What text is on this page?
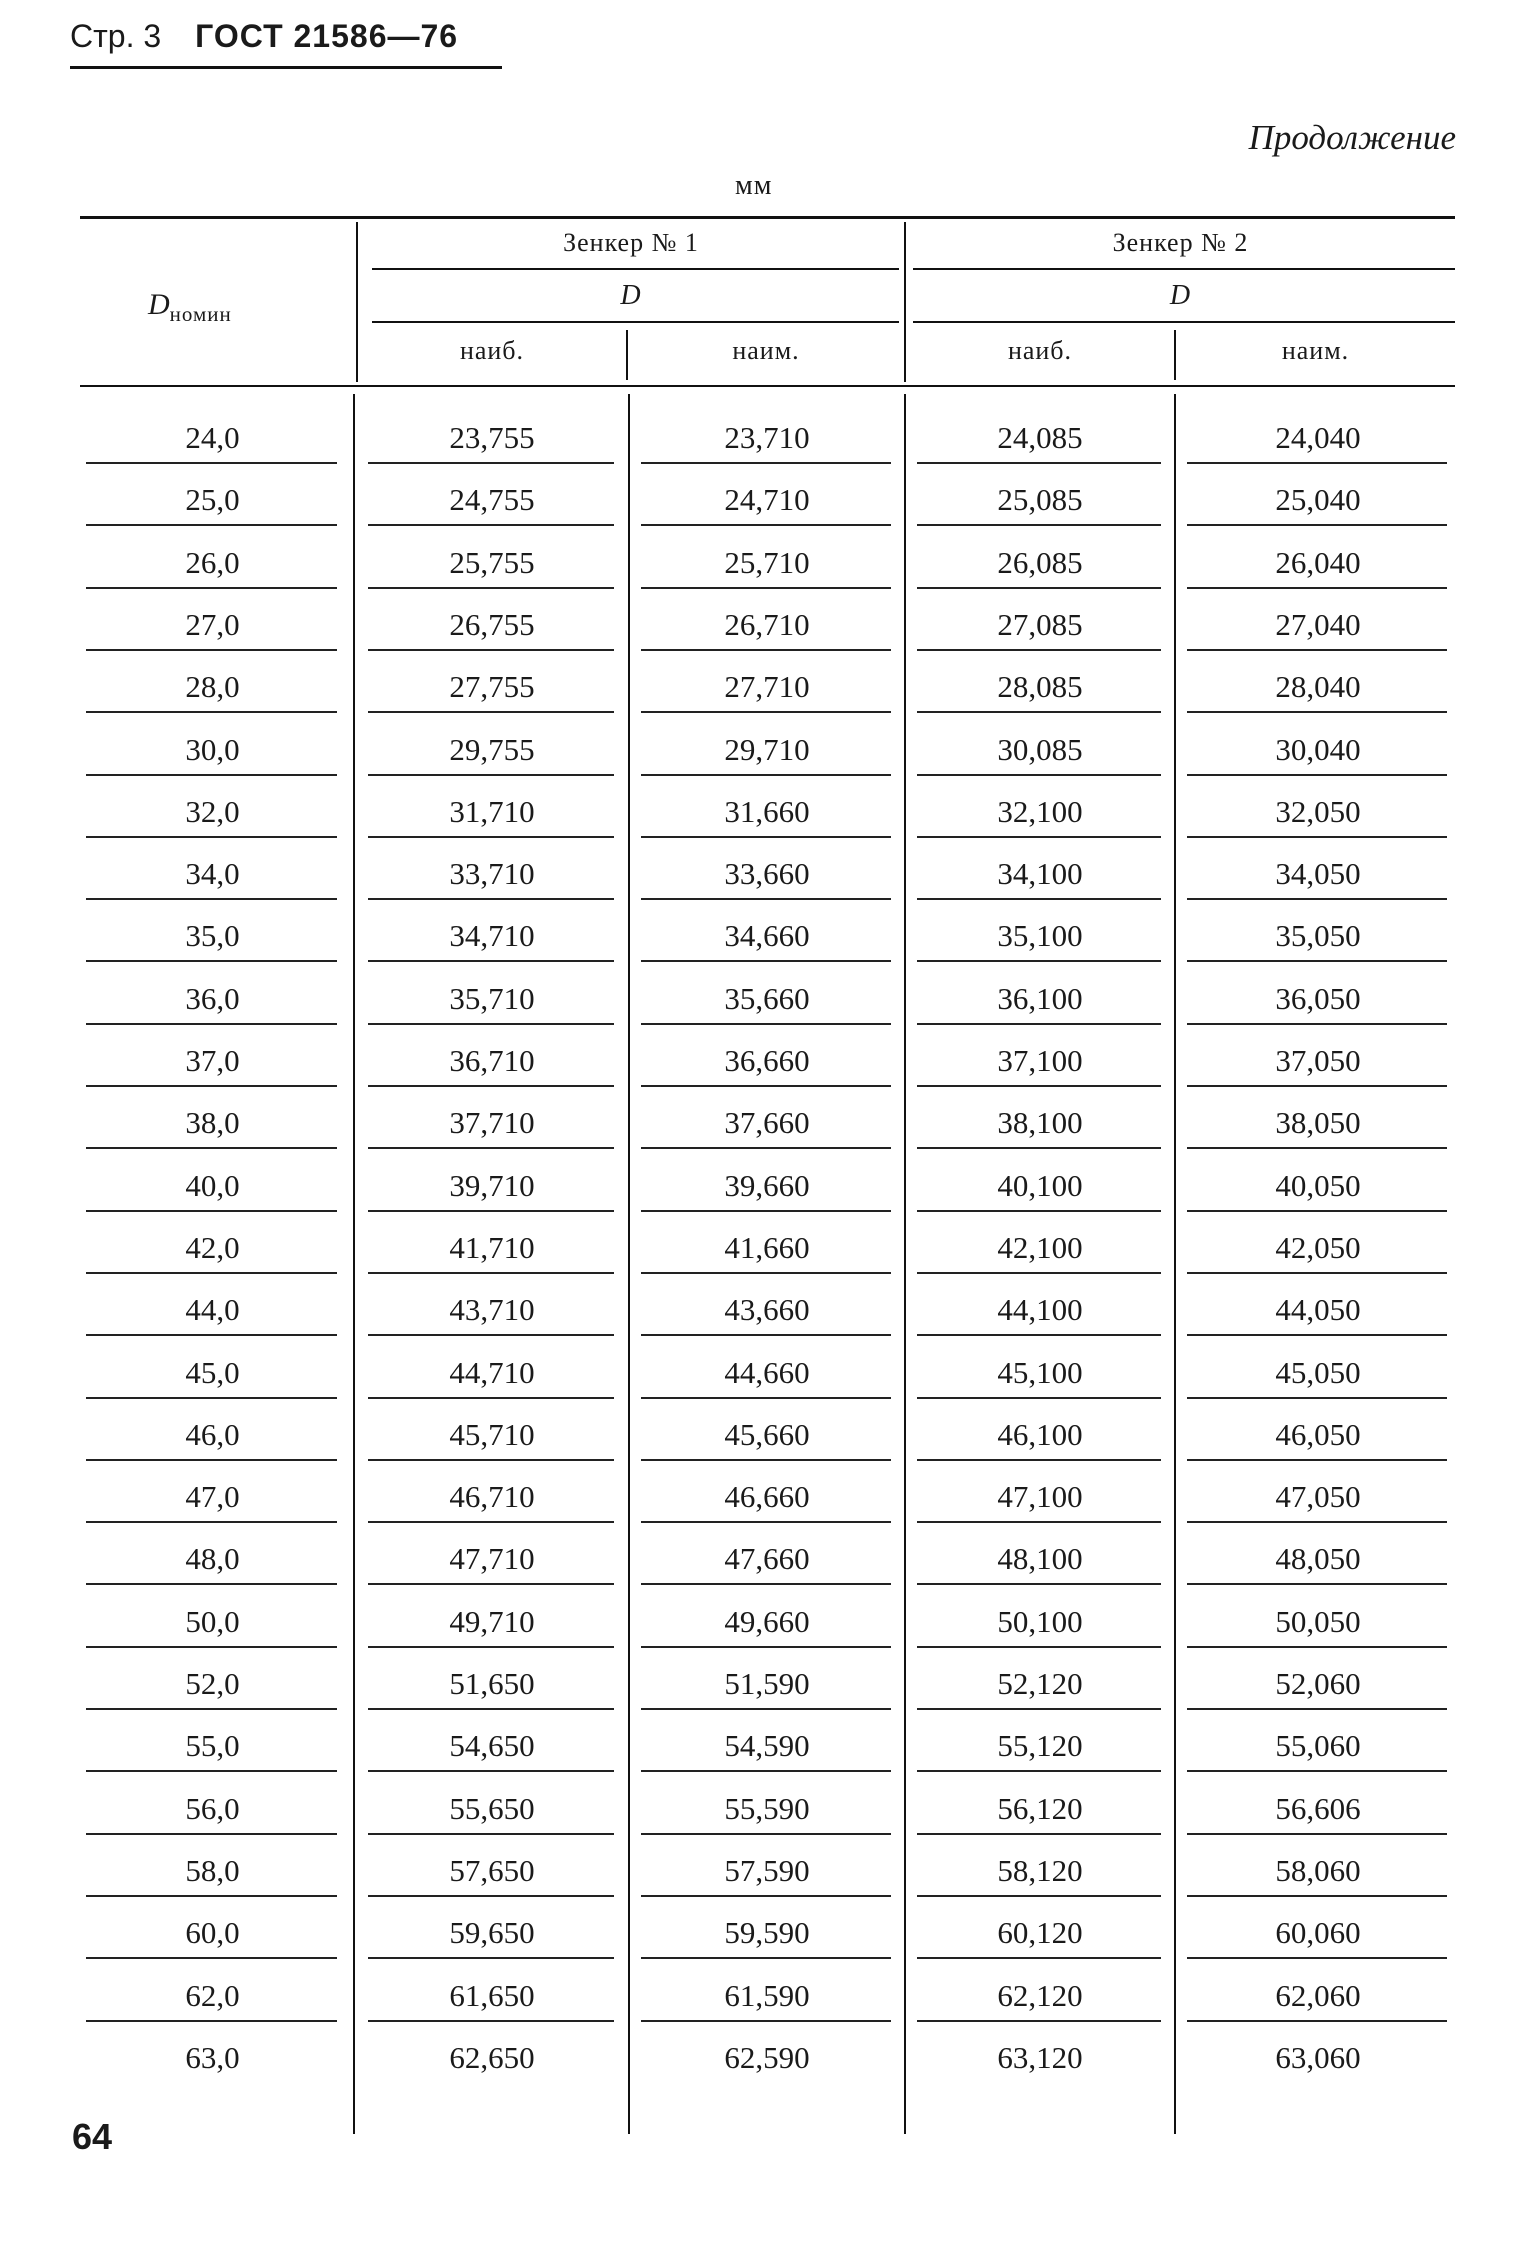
Стр. 3 ГОСТ 21586—76
Продолжение
мм
$D_{номин}$
Зенкер № 1	Зенкер № 2
D	D
наиб.	наим.	наиб.	наим.
24,0	23,755	23,710	24,085	24,040
25,0	24,755	24,710	25,085	25,040
26,0	25,755	25,710	26,085	26,040
27,0	26,755	26,710	27,085	27,040
28,0	27,755	27,710	28,085	28,040
30,0	29,755	29,710	30,085	30,040
32,0	31,710	31,660	32,100	32,050
34,0	33,710	33,660	34,100	34,050
35,0	34,710	34,660	35,100	35,050
36,0	35,710	35,660	36,100	36,050
37,0	36,710	36,660	37,100	37,050
38,0	37,710	37,660	38,100	38,050
40,0	39,710	39,660	40,100	40,050
42,0	41,710	41,660	42,100	42,050
44,0	43,710	43,660	44,100	44,050
45,0	44,710	44,660	45,100	45,050
46,0	45,710	45,660	46,100	46,050
47,0	46,710	46,660	47,100	47,050
48,0	47,710	47,660	48,100	48,050
50,0	49,710	49,660	50,100	50,050
52,0	51,650	51,590	52,120	52,060
55,0	54,650	54,590	55,120	55,060
56,0	55,650	55,590	56,120	56,606
58,0	57,650	57,590	58,120	58,060
60,0	59,650	59,590	60,120	60,060
62,0	61,650	61,590	62,120	62,060
63,0	62,650	62,590	63,120	63,060
64
